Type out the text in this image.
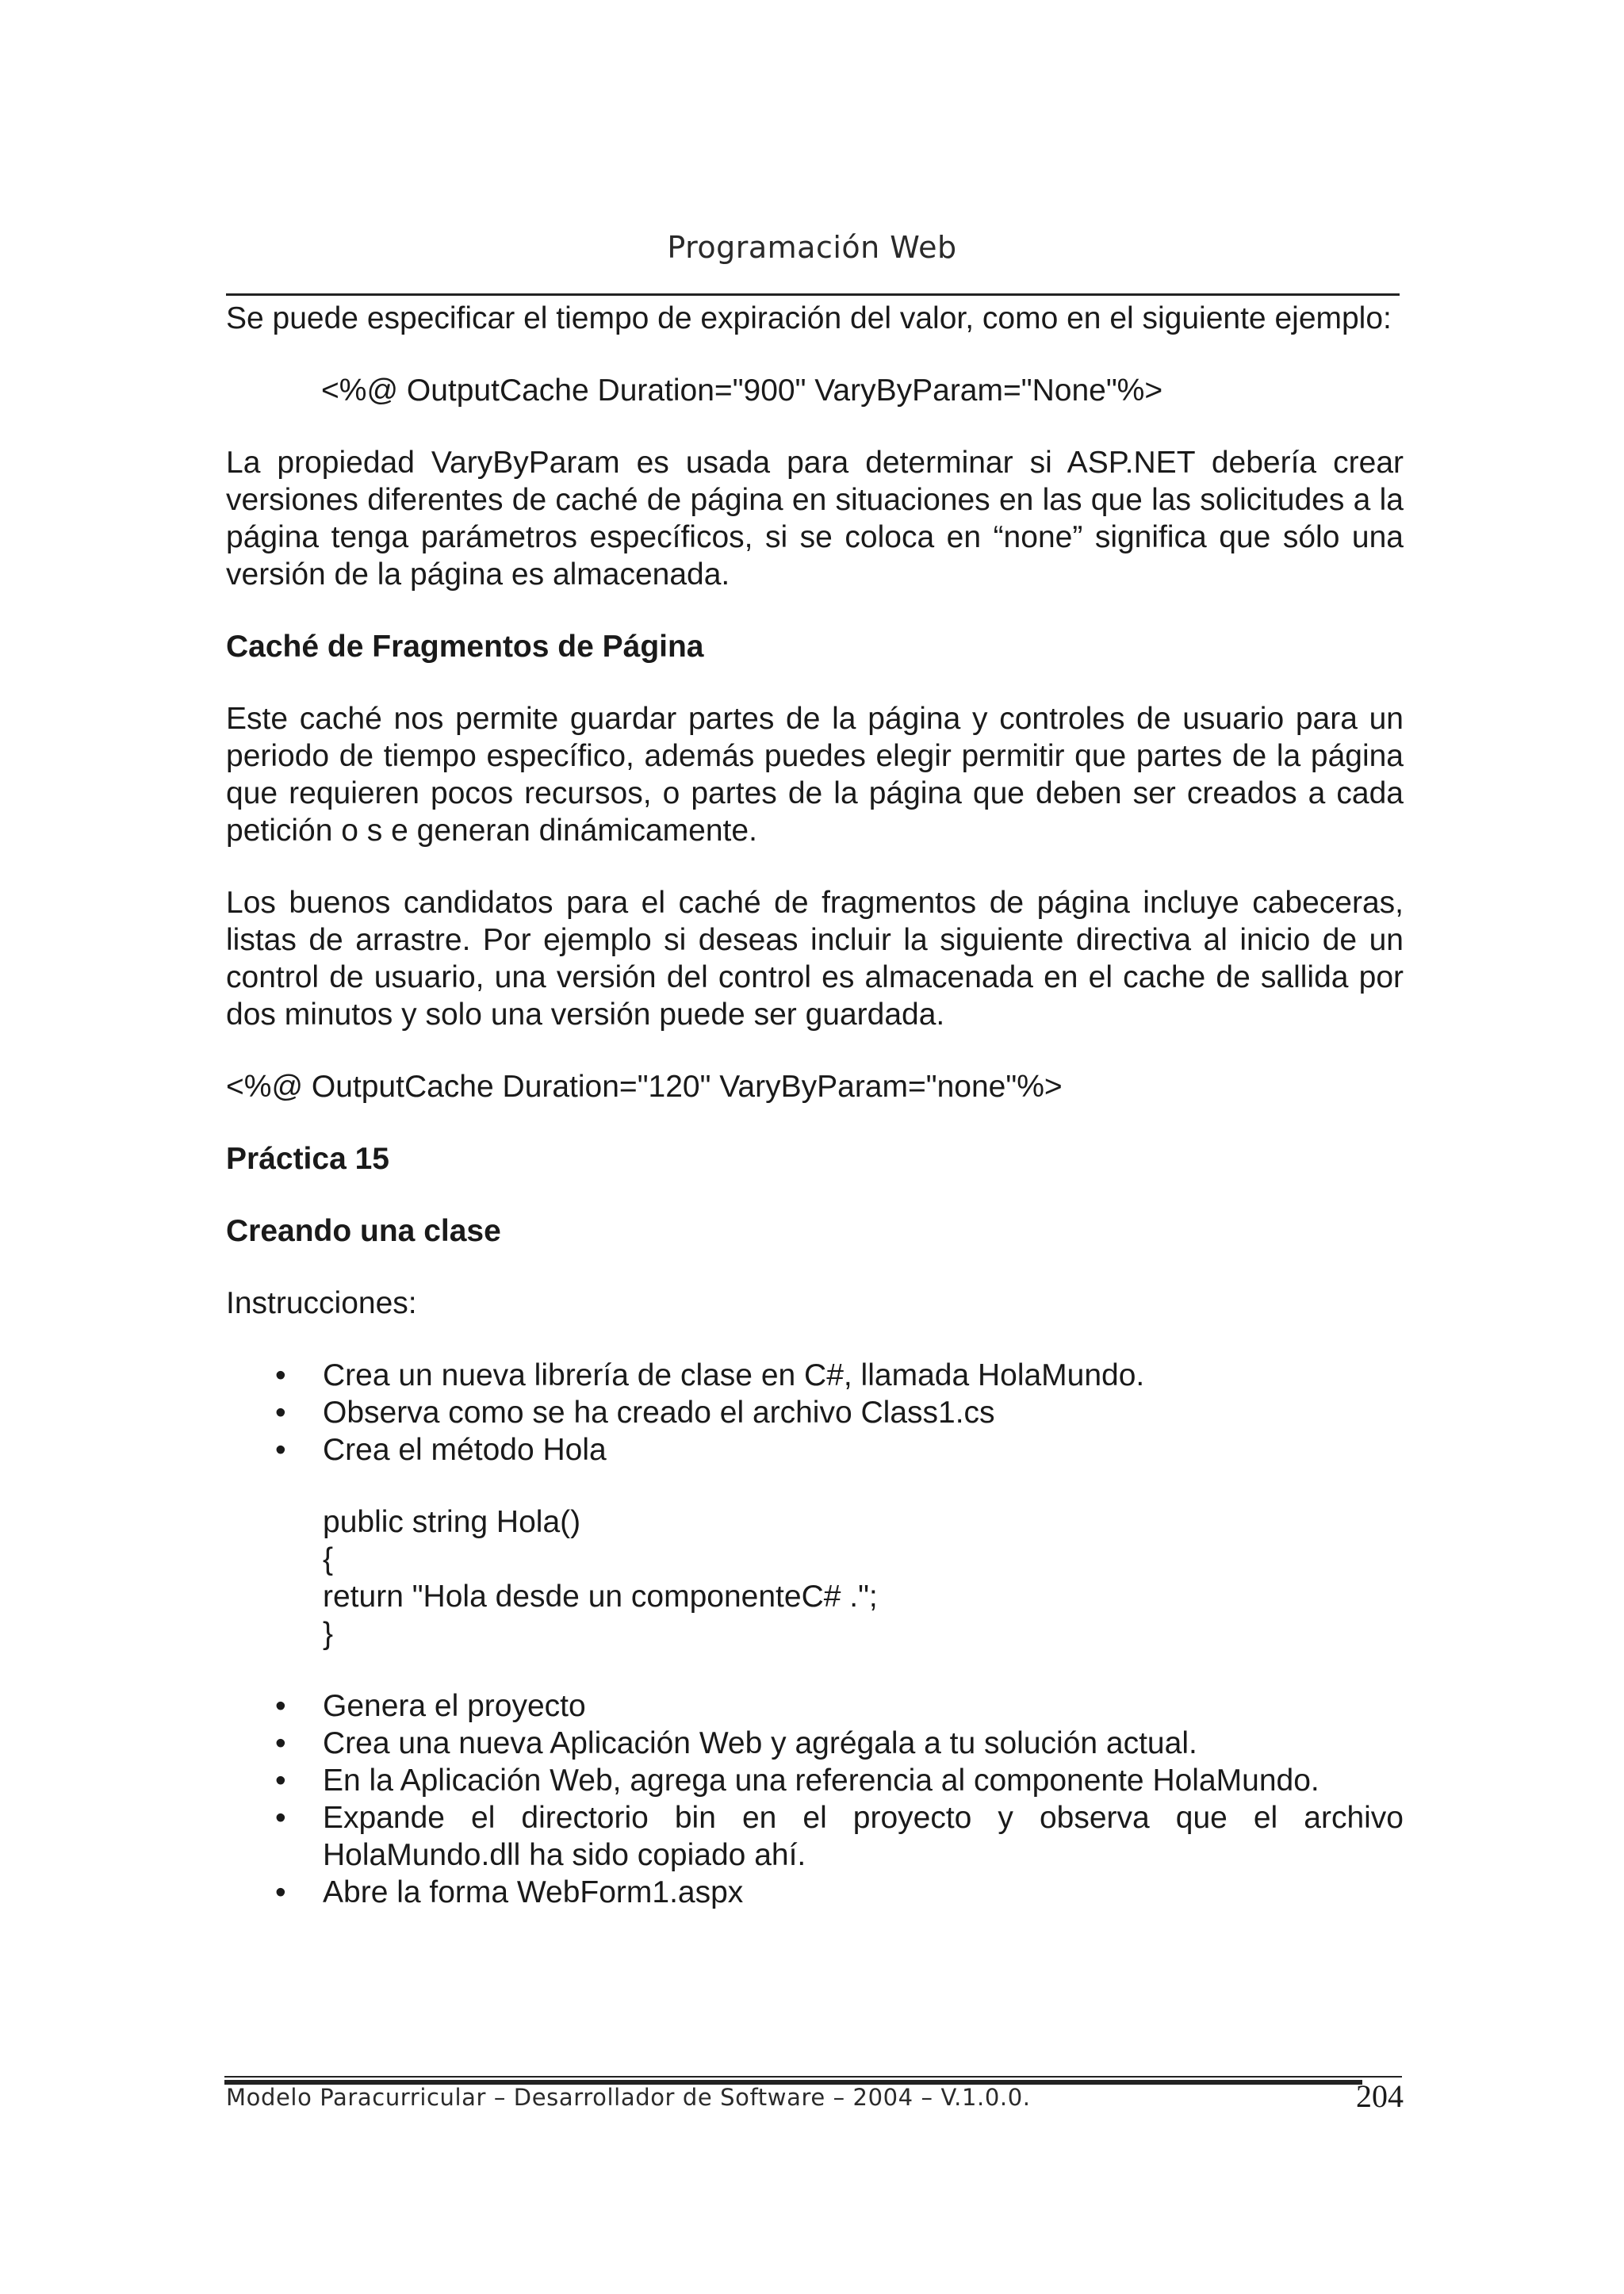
Programación Web

Se puede especificar el tiempo de expiración del valor, como en el siguiente ejemplo:

<%@ OutputCache Duration="900" VaryByParam="None"%>

La propiedad VaryByParam es usada para determinar si ASP.NET debería crear versiones diferentes de caché de página en situaciones en las que las solicitudes a la página tenga parámetros específicos, si se coloca en “none” significa que sólo una versión de la página es almacenada.

Caché de Fragmentos de Página

Este caché nos permite guardar partes de la página y controles de usuario para un periodo de tiempo específico, además puedes elegir permitir que partes de la página que requieren pocos recursos, o partes de la página que deben ser creados a cada petición o s e generan dinámicamente.

Los buenos candidatos para el caché de fragmentos de página incluye cabeceras, listas de arrastre. Por ejemplo si deseas incluir la siguiente directiva al inicio de un control de usuario, una versión del control es almacenada en el cache de sallida por dos minutos y solo una versión puede ser guardada.

<%@ OutputCache Duration="120" VaryByParam="none"%>

Práctica 15

Creando una clase

Instrucciones:

• Crea un nueva librería de clase en C#, llamada HolaMundo.
• Observa como se ha creado el archivo Class1.cs
• Crea el método Hola
public string Hola()
{
return "Hola desde un componenteC# .";
}
• Genera el proyecto
• Crea una nueva Aplicación Web y agrégala a tu solución actual.
• En la Aplicación Web, agrega una referencia al componente HolaMundo.
• Expande el directorio bin en el proyecto y observa que el archivo HolaMundo.dll ha sido copiado ahí.
• Abre la forma WebForm1.aspx
Modelo Paracurricular – Desarrollador de Software – 2004 – V.1.0.0.	204
